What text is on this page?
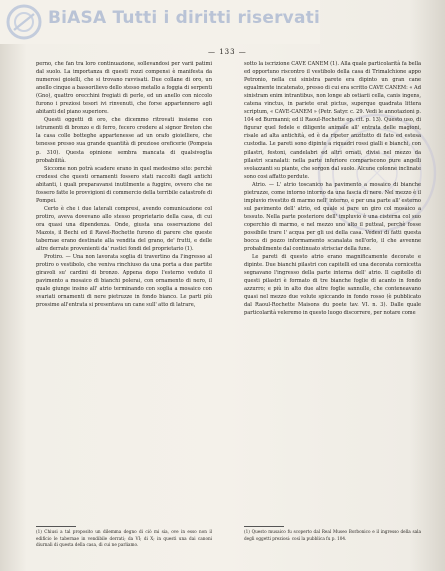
BiASA Tutti i diritti riservati
— 133 —

perno, che fan tra loro continuazione, sollevandosi per varii patimi dal suolo. La importanza di questi rozzi compensi è manifesta da numerosi gioielli, che si trovano ravvisati. Due collane di oro, un anello cinque a bassorilievo dello stesso metallo a foggia di serpenti (Gno), quattro orecchini fregiati di perle, ed un anello con niccolo furono i preziosi tesori ivi rinvenuti, che forse appartennero agli abitanti del piano superiore.

Questi oggetti di oro, che dicemmo ritrovati insieme con istrumenti di bronzo e di ferro, fecero credere al signor Breton che la casa colle botteghe appartenesse ad un orafo gioielliere, che tenesse presso sua grande quantità di preziose oreficerie (Pompeia p. 310). Questa opinione sembra mancata di qualsivoglia probabilità.

Siccome non potrà scadere erano in quel medesimo sito: perchè credessi che questi ornamenti fossero stati raccolti dagli antichi abitanti, i quali preparavansi inutilmente a fuggire, ovvero che ne fossero fatte le provvigioni di commercio della terribile catastrofe di Pompei.

Certo è che i due laterali compresi, avendo comunicazione col protiro, aveva dovevano allo stesso proprietario della casa, di cui ora quasi una dipendenza. Onde, giusta una osservazione del Mazois, il Bechi ed il Ravel-Rochette furono di parere che queste tabernae erano destinate alla vendita del grano, de' frutti, e delle altre derrate provenienti da' rustici fondi del proprietario (1).

Protiro. — Una non lavorata soglia di travertino da l'ingresso al protiro o vestibolo, che veniva rinchiuso da una porta a due partite giravoli su' cardini di bronzo. Appena dopo l'esterno veduto il pavimento a mosaico di bianchi polerai, con ornamento di nero, il quale giunge insino all' atrio terminando con soglia a mosaico con svariati ornamenti di nere pietruzze in fondo bianco. Le parti più prossime all'entrata si presentava un cane sull' atto di latrare,

sotto la iscrizione CAVE CANEM (1). Alla quale particolarità fa bella ed opportuno riscontro il vestibolo della casa di Trimalchione appo Petronio, nella cui sinistra parete era dipinto un gran cane egualmente incatenato, presso di cui era scritto CAVE CANEM: « Ad sinistram enim intrantibus, non longe ab ostiarii cella, canis ingens, catena vinctus, in pariete erat pictus, superque quadrata littera scriptum, « CAVE-CANEM » (Petr. Satyr. c. 29. Vedi le annotazioni p. 104 ed Burmanni; ed il Raoul-Rochette op. cit. p. 13). Questo uso, di figurar quel fedele e diligente animale all' entrata delle magioni, risale ad alta antichità, ed è da ripeter anzitutto di fato ed estesa custodia. Le pareti sono dipinte a riquadri rossi gialli e bianchi, con pilastri, festoni, candelabri ed altri ornati, divisi nel mezzo da pilastri scanalati: nella parte inferiore compariscono pure angelli svolazzanti su piante, che sorgon dal suolo. Alcune colonne inclinate sono cosi affatto perdute.

Atrio. — L' atrio toscanico ha pavimento a mosaico di bianche pietruzze, come intorno intorno da una fascia di nere. Nel mezzo è il impluvio rivestito di marmo nell' interno, e per una parte all' esterno sul pavimento dell' atrio, ed quale si pare un giro col mosaico a tessuto. Nella parte posteriore dell' impluvio è una cisterna col suo coperchio di marmo, e nel mezzo uno alto il putteal, perchè fosse possibile trare l' acqua per gli usi della casa. Vedesi di fatti questa bocca di pozzo informamento scanalata nell'orlo, il che avvenne probabilmente dal continuato strisciar della fune.

Le pareti di questo atrio erano magnificamente decorate e dipinte. Due bianchi pilastri con capitelli ed una decorata cornicetta segnavano l'ingresso della parte interna dell' atrio. Il capitello di questi pilastri è formato di tre bianche foglie di acanto in fondo azzurro; e più in alto due altre foglie sannulle, che conteneavano quasi nel mezzo due volute spiccando in fondo rosso (è pubblicato dal Raoul-Rochette Maisons du poete tav. VI. n. 3). Dalle quale particolarità veleremo in questo luogo discorrere, per notare come

(1) Chiusi a tal proposito un dilemma degno di ciò mi sia, ove in esso non il edificio le tabernae in vendibile derrati; da VI; di X; in questi una dai canoni diurnali di questa della casa, di cui ne parliamo.
(1) Questo musaico fu scoperto dal Real Museo Borbonico e il ingresso della sala degli oggetti preziosi: così la pubblica fu p. 104.
